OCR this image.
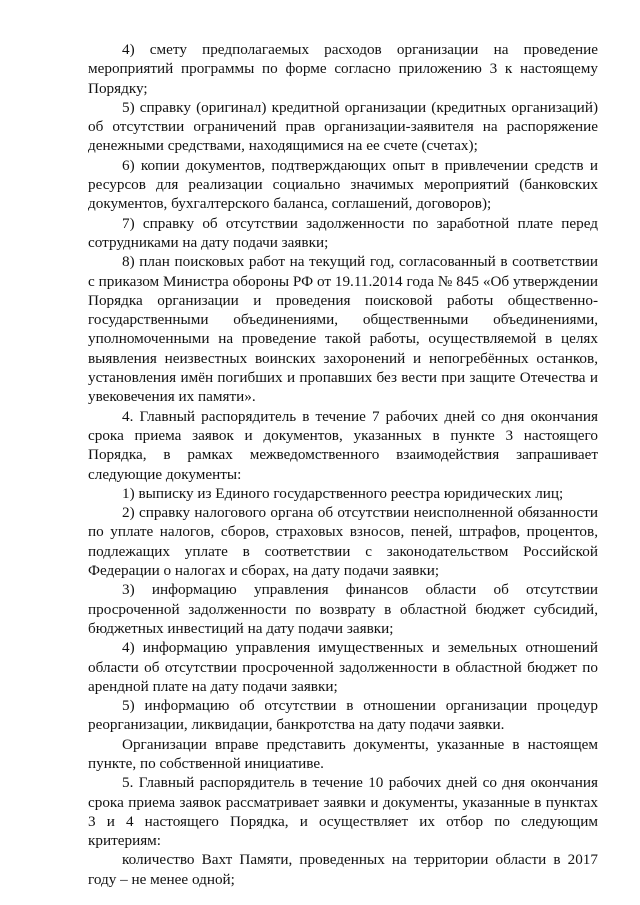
4) смету предполагаемых расходов организации на проведение мероприятий программы по форме согласно приложению 3 к настоящему Порядку;

5) справку (оригинал) кредитной организации (кредитных организаций) об отсутствии ограничений прав организации-заявителя на распоряжение денежными средствами, находящимися на ее счете (счетах);

6) копии документов, подтверждающих опыт в привлечении средств и ресурсов для реализации социально значимых мероприятий (банковских документов, бухгалтерского баланса, соглашений, договоров);

7) справку об отсутствии задолженности по заработной плате перед сотрудниками на дату подачи заявки;

8) план поисковых работ на текущий год, согласованный в соответствии с приказом Министра обороны РФ от 19.11.2014 года № 845 «Об утверждении Порядка организации и проведения поисковой работы общественно-государственными объединениями, общественными объединениями, уполномоченными на проведение такой работы, осуществляемой в целях выявления неизвестных воинских захоронений и непогребённых останков, установления имён погибших и пропавших без вести при защите Отечества и увековечения их памяти».

4. Главный распорядитель в течение 7 рабочих дней со дня окончания срока приема заявок и документов, указанных в пункте 3 настоящего Порядка, в рамках межведомственного взаимодействия запрашивает следующие документы:

1) выписку из Единого государственного реестра юридических лиц;

2) справку налогового органа об отсутствии неисполненной обязанности по уплате налогов, сборов, страховых взносов, пеней, штрафов, процентов, подлежащих уплате в соответствии с законодательством Российской Федерации о налогах и сборах, на дату подачи заявки;

3) информацию управления финансов области об отсутствии просроченной задолженности по возврату в областной бюджет субсидий, бюджетных инвестиций на дату подачи заявки;

4) информацию управления имущественных и земельных отношений области об отсутствии просроченной задолженности в областной бюджет по арендной плате на дату подачи заявки;

5) информацию об отсутствии в отношении организации процедур реорганизации, ликвидации, банкротства на дату подачи заявки.

Организации вправе представить документы, указанные в настоящем пункте, по собственной инициативе.

5. Главный распорядитель в течение 10 рабочих дней со дня окончания срока приема заявок рассматривает заявки и документы, указанные в пунктах 3 и 4 настоящего Порядка, и осуществляет их отбор по следующим критериям:

количество Вахт Памяти, проведенных на территории области в 2017 году – не менее одной;
